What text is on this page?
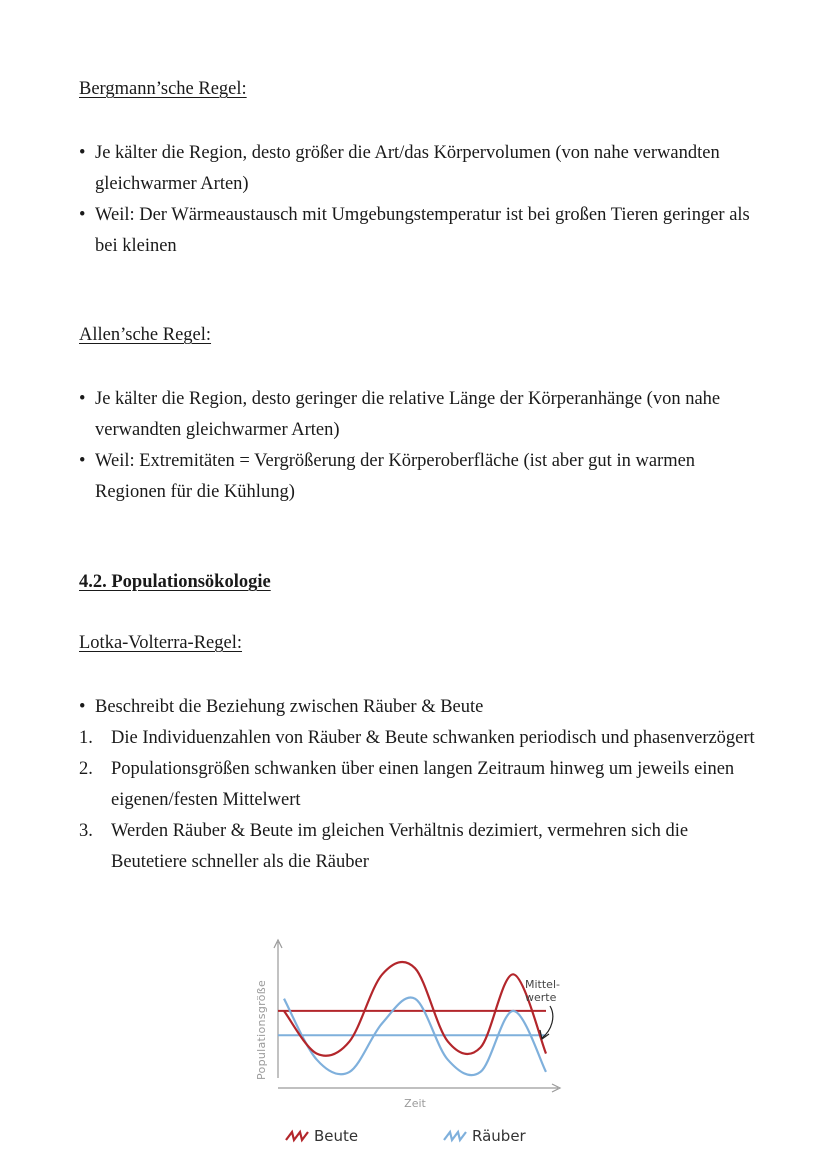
Bergmann’sche Regel:
• Je kälter die Region, desto größer die Art/das Körpervolumen (von nahe verwandten gleichwarmer Arten)
• Weil: Der Wärmeaustausch mit Umgebungstemperatur ist bei großen Tieren geringer als bei kleinen
Allen’sche Regel:
• Je kälter die Region, desto geringer die relative Länge der Körperanhänge (von nahe verwandten gleichwarmer Arten)
• Weil: Extremitäten = Vergrößerung der Körperoberfläche (ist aber gut in warmen Regionen für die Kühlung)
4.2. Populationsökologie
Lotka-Volterra-Regel:
• Beschreibt die Beziehung zwischen Räuber & Beute
1. Die Individuenzahlen von Räuber & Beute schwanken periodisch und phasenverzögert
2. Populationsgrößen schwanken über einen langen Zeitraum hinweg um jeweils einen eigenen/festen Mittelwert
3. Werden Räuber & Beute im gleichen Verhältnis dezimiert, vermehren sich die Beutetiere schneller als die Räuber
Populationsgröße
Zeit
Mittel- werte
Beute	Räuber
